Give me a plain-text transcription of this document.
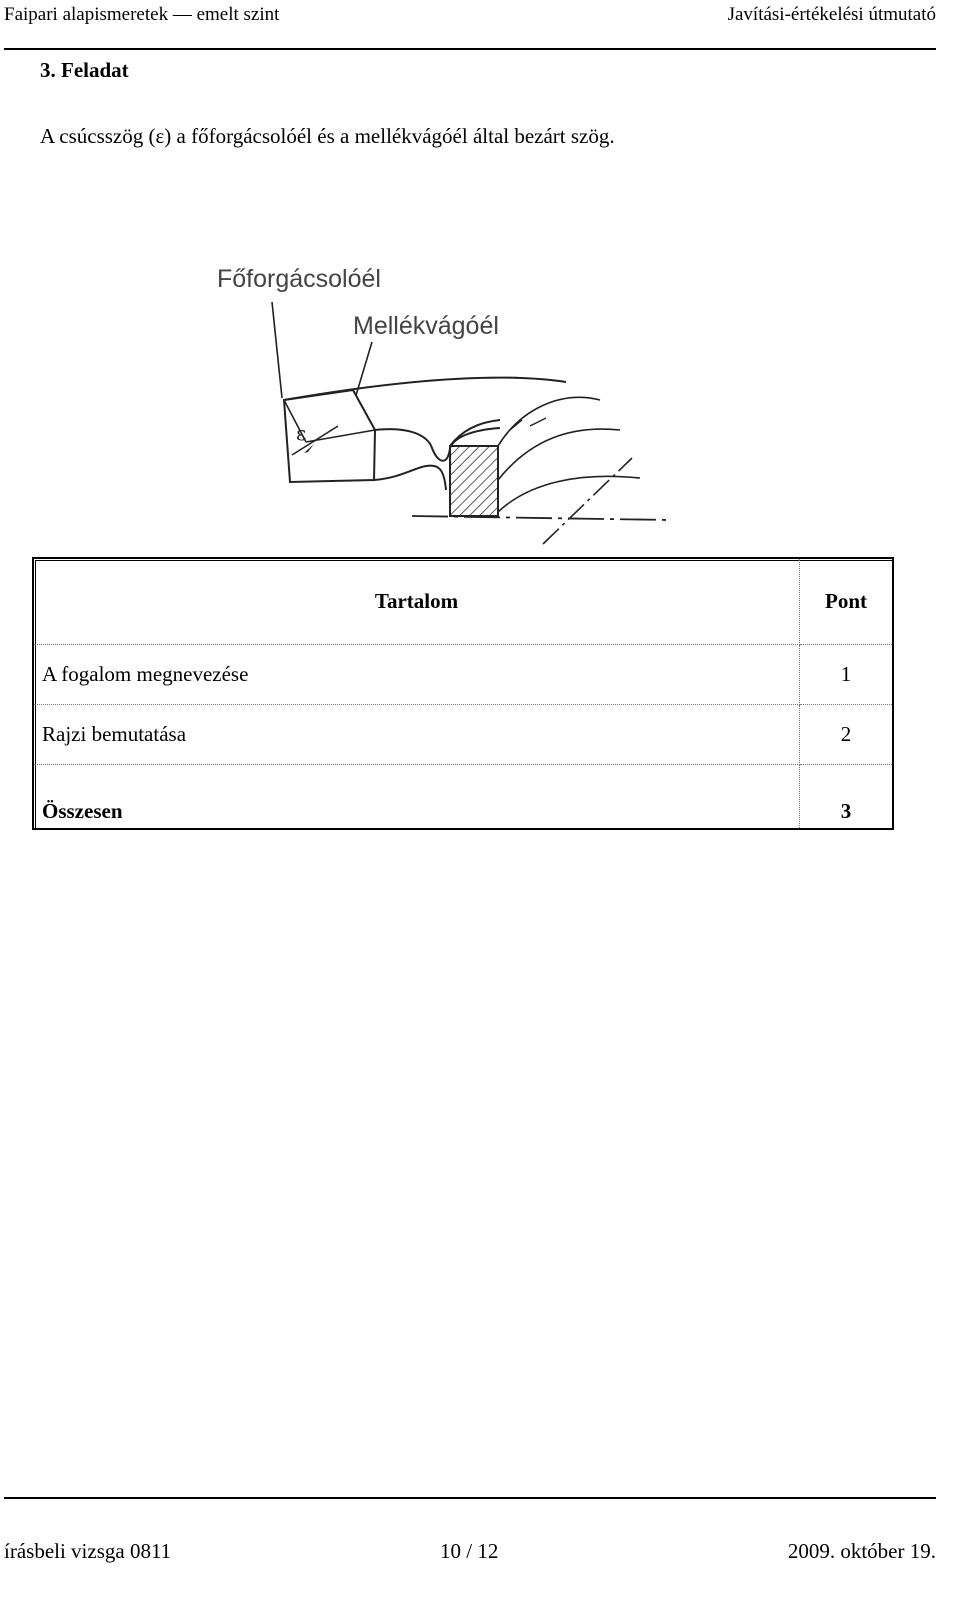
Faipari alapismeretek — emelt szint	Javítási-értékelési útmutató
3. Feladat
A csúcsszög (ε) a főforgácsolóél és a mellékvágóél által bezárt szög.
Főforgácsolóél
Mellékvágóél
ε
Tartalom	Pont
A fogalom megnevezése	1
Rajzi bemutatása	2
Összesen	3
írásbeli vizsga 0811	10 / 12	2009. október 19.
